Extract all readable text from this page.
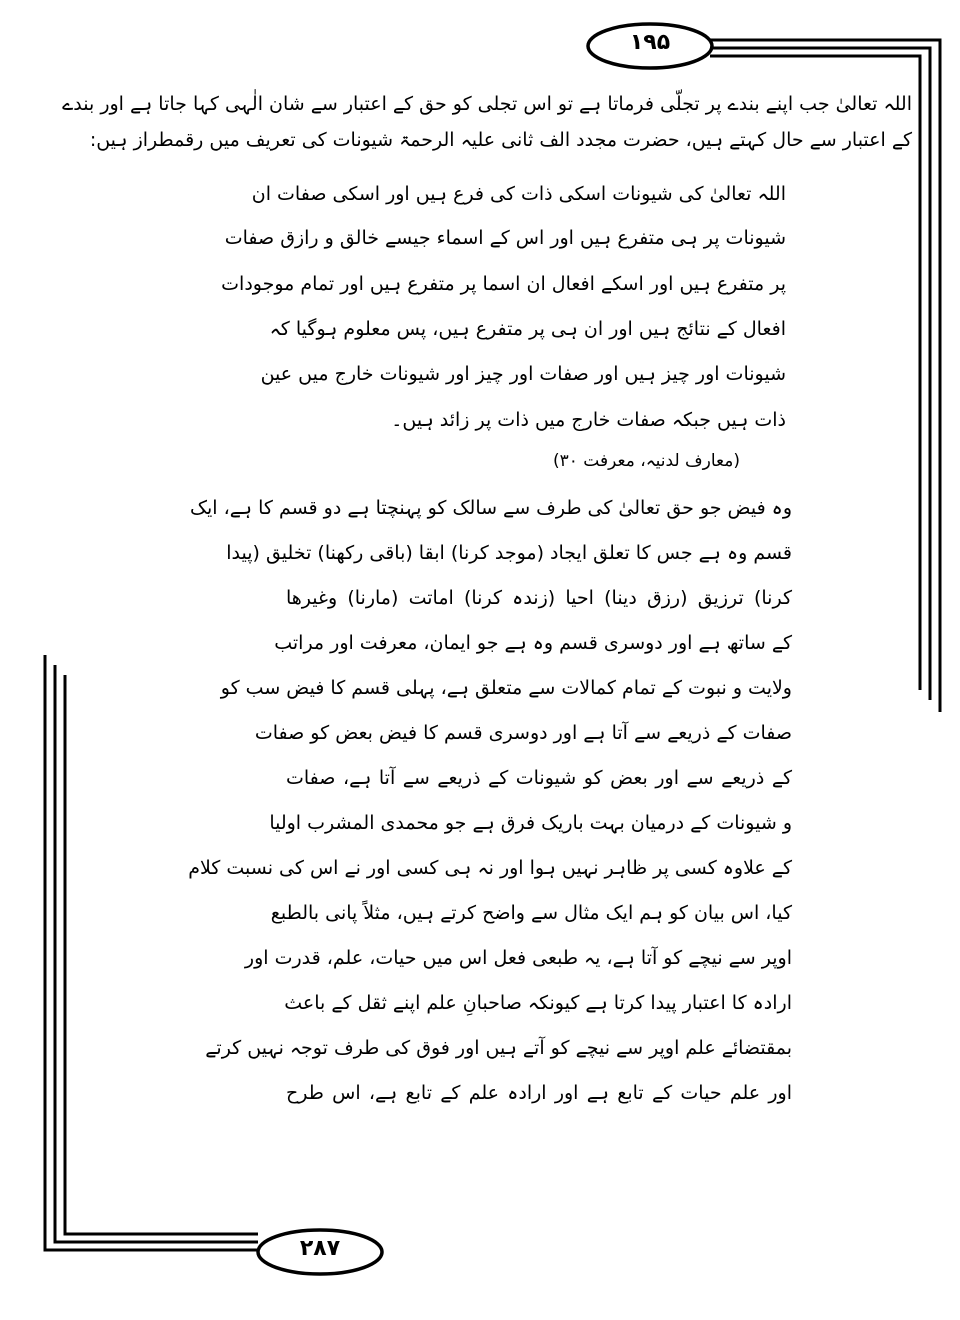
۱۹۵
۲۸۷
اللہ تعالیٰ جب اپنے بندے پر تجلّی فرماتا ہے تو اس تجلی کو حق کے اعتبار سے شان الٰہی کہا جاتا ہے اور بندے
کے اعتبار سے حال کہتے ہیں، حضرت مجدد الف ثانی علیہ الرحمۃ شیونات کی تعریف میں رقمطراز ہیں:
اللہ تعالیٰ کی شیونات اسکی ذات کی فرع ہیں اور اسکی صفات ان
شیونات پر ہی متفرع ہیں اور اس کے اسماء جیسے خالق و رازق صفات
پر متفرع ہیں اور اسکے افعال ان اسما پر متفرع ہیں اور تمام موجودات
افعال کے نتائج ہیں اور ان ہی پر متفرع ہیں، پس معلوم ہوگیا کہ
شیونات اور چیز ہیں اور صفات اور چیز اور شیونات خارج میں عین
ذات ہیں جبکہ صفات خارج میں ذات پر زائد ہیں۔
(معارف لدنیہ، معرفت ۳۰)
وہ فیض جو حق تعالیٰ کی طرف سے سالک کو پہنچتا ہے دو قسم کا ہے، ایک
قسم وہ ہے جس کا تعلق ایجاد (موجد کرنا) ابقا (باقی رکھنا) تخلیق (پیدا
کرنا) ترزیق (رزق دینا) احیا (زندہ کرنا) اماتت (مارنا) وغیرھا
کے ساتھ ہے اور دوسری قسم وہ ہے جو ایمان، معرفت اور مراتب
ولایت و نبوت کے تمام کمالات سے متعلق ہے، پہلی قسم کا فیض سب کو
صفات کے ذریعے سے آتا ہے اور دوسری قسم کا فیض بعض کو صفات
کے ذریعے سے اور بعض کو شیونات کے ذریعے سے آتا ہے، صفات
و شیونات کے درمیان بہت باریک فرق ہے جو محمدی المشرب اولیا
کے علاوہ کسی پر ظاہر نہیں ہوا اور نہ ہی کسی اور نے اس کی نسبت کلام
کیا، اس بیان کو ہم ایک مثال سے واضح کرتے ہیں، مثلاً پانی بالطبع
اوپر سے نیچے کو آتا ہے، یہ طبعی فعل اس میں حیات، علم، قدرت اور
ارادہ کا اعتبار پیدا کرتا ہے کیونکہ صاحبانِ علم اپنے ثقل کے باعث
بمقتضائے علم اوپر سے نیچے کو آتے ہیں اور فوق کی طرف توجہ نہیں کرتے
اور علم حیات کے تابع ہے اور ارادہ علم کے تابع ہے، اس طرح
